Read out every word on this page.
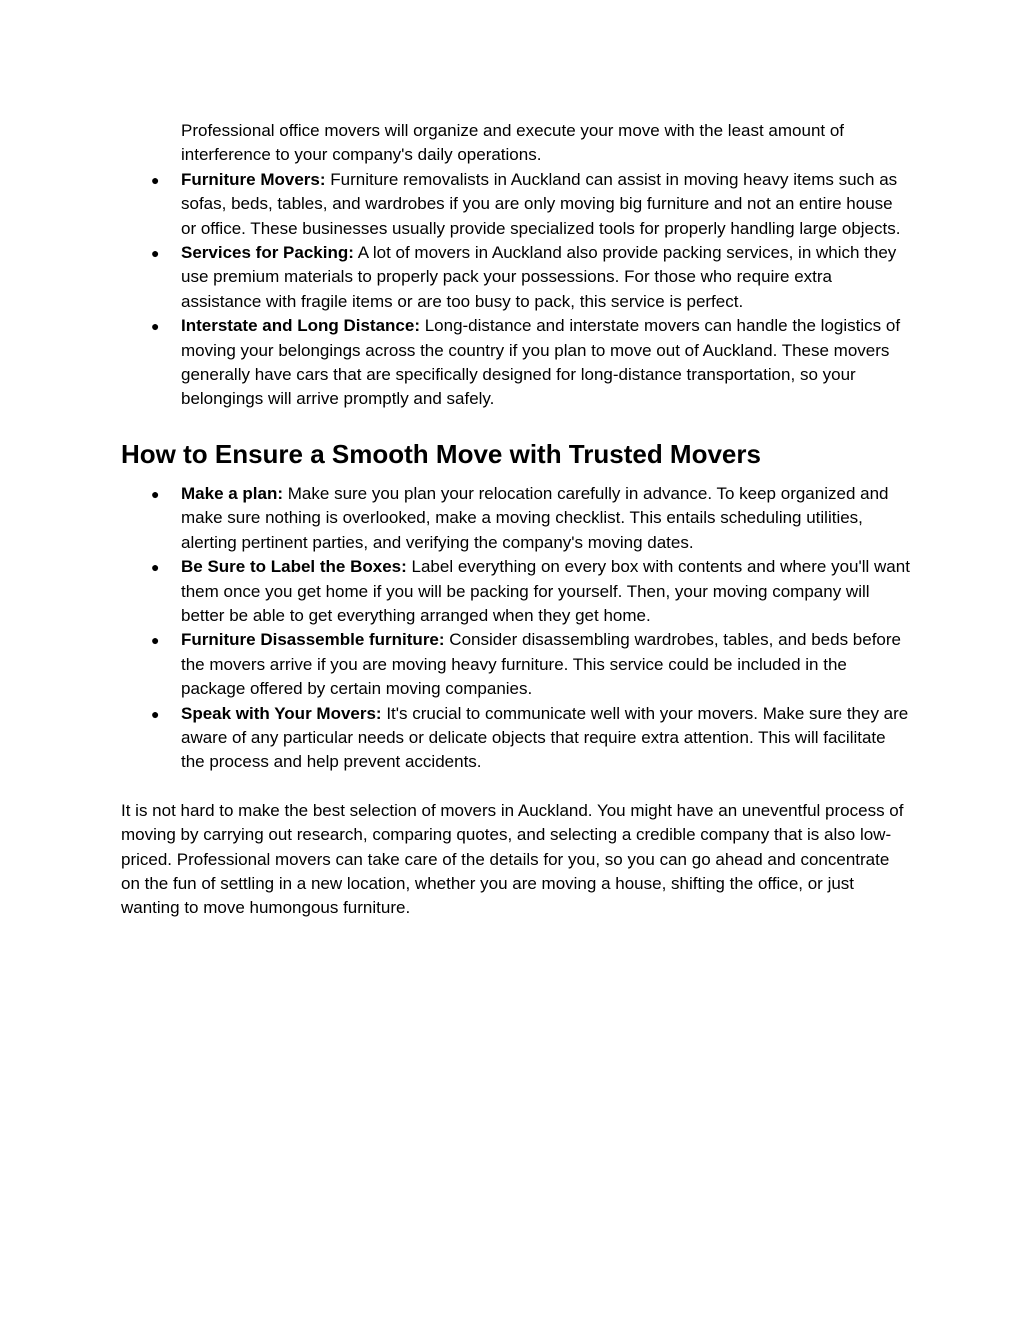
Professional office movers will organize and execute your move with the least amount of interference to your company's daily operations.

● Furniture Movers: Furniture removalists in Auckland can assist in moving heavy items such as sofas, beds, tables, and wardrobes if you are only moving big furniture and not an entire house or office. These businesses usually provide specialized tools for properly handling large objects.
● Services for Packing: A lot of movers in Auckland also provide packing services, in which they use premium materials to properly pack your possessions. For those who require extra assistance with fragile items or are too busy to pack, this service is perfect.
● Interstate and Long Distance: Long-distance and interstate movers can handle the logistics of moving your belongings across the country if you plan to move out of Auckland. These movers generally have cars that are specifically designed for long-distance transportation, so your belongings will arrive promptly and safely.
How to Ensure a Smooth Move with Trusted Movers
● Make a plan: Make sure you plan your relocation carefully in advance. To keep organized and make sure nothing is overlooked, make a moving checklist. This entails scheduling utilities, alerting pertinent parties, and verifying the company's moving dates.
● Be Sure to Label the Boxes: Label everything on every box with contents and where you'll want them once you get home if you will be packing for yourself. Then, your moving company will better be able to get everything arranged when they get home.
● Furniture Disassemble furniture: Consider disassembling wardrobes, tables, and beds before the movers arrive if you are moving heavy furniture. This service could be included in the package offered by certain moving companies.
● Speak with Your Movers: It's crucial to communicate well with your movers. Make sure they are aware of any particular needs or delicate objects that require extra attention. This will facilitate the process and help prevent accidents.

It is not hard to make the best selection of movers in Auckland. You might have an uneventful process of moving by carrying out research, comparing quotes, and selecting a credible company that is also low-priced. Professional movers can take care of the details for you, so you can go ahead and concentrate on the fun of settling in a new location, whether you are moving a house, shifting the office, or just wanting to move humongous furniture.
